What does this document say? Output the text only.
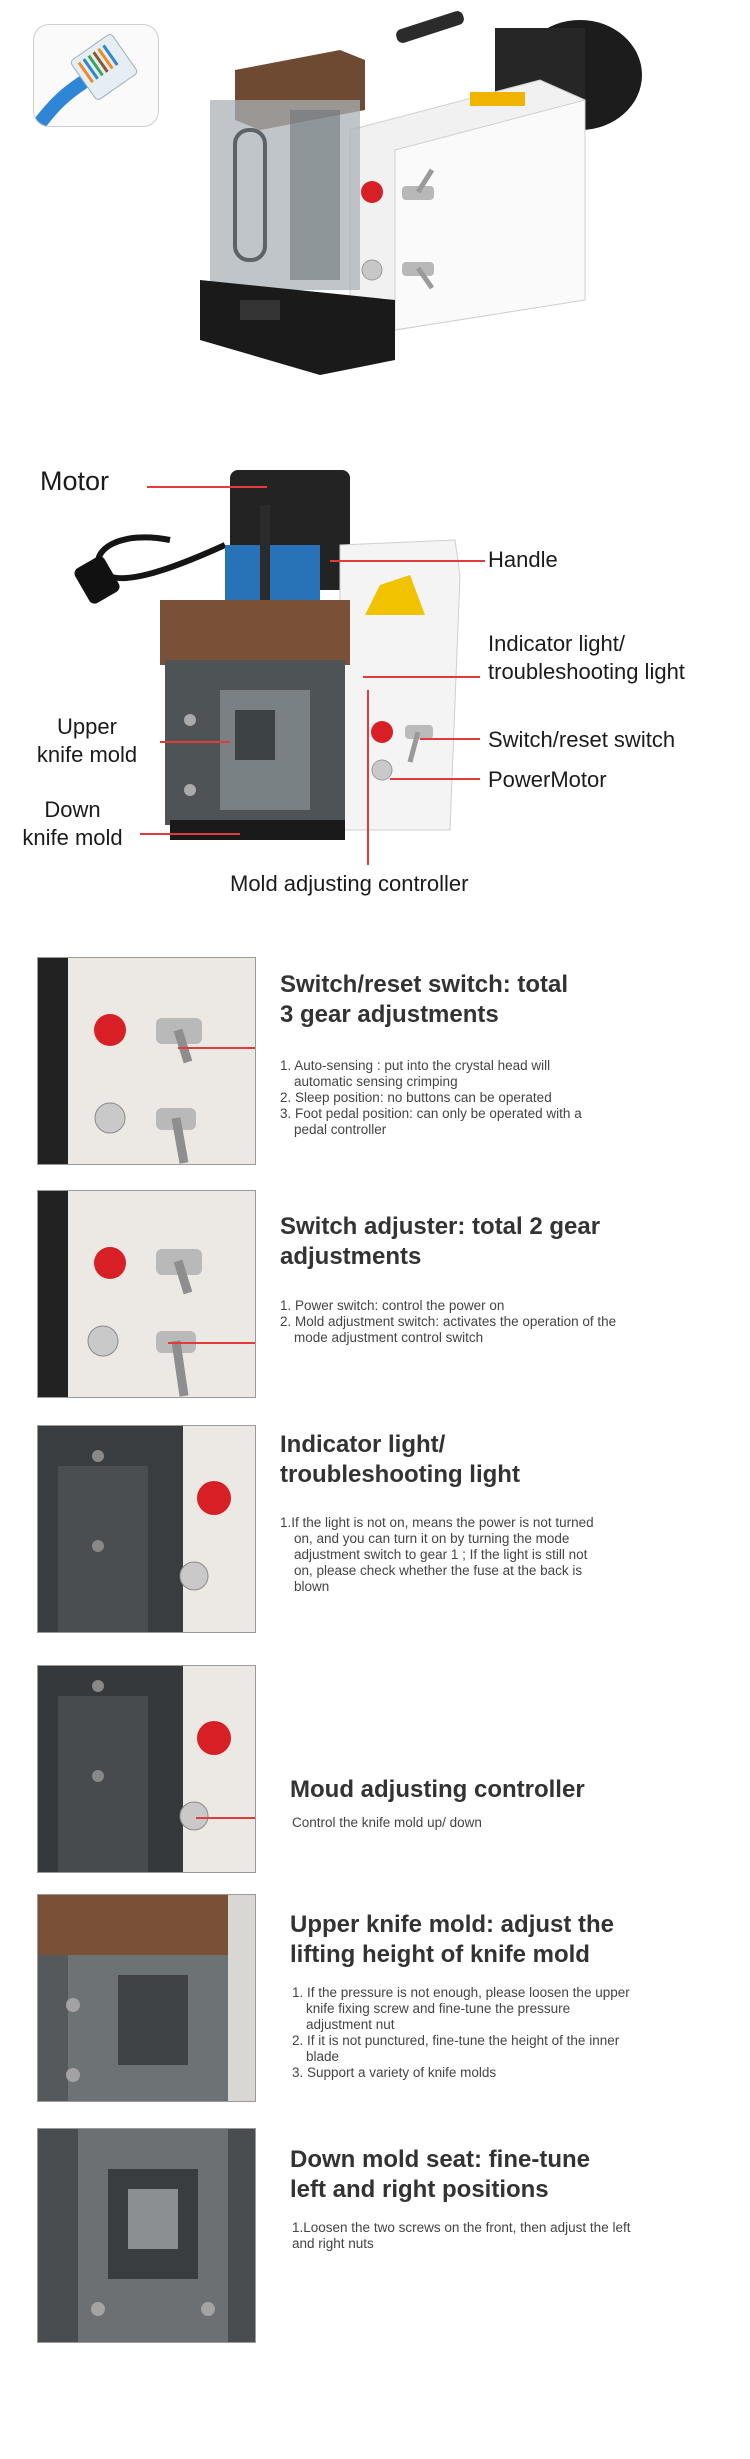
Motor
Handle
Indicator light/
troubleshooting light
Switch/reset switch
PowerMotor
Upper
knife mold
Down
knife mold
Mold adjusting controller
Switch/reset switch: total
3 gear adjustments
1. Auto-sensing : put into the crystal head will automatic sensing crimping
2. Sleep position: no buttons can be operated
3. Foot pedal position: can only be operated with a pedal controller
Switch adjuster: total 2 gear
adjustments
1. Power switch: control the power on
2. Mold adjustment switch: activates the operation of the mode adjustment control switch
Indicator light/
troubleshooting light
1.If the light is not on, means the power is not turned on, and you can turn it on by turning the mode adjustment switch to gear 1 ; If the light is still not on, please check whether the fuse at the back is blown
Moud adjusting controller
Control the knife mold up/ down
Upper knife mold: adjust the
lifting height of knife mold
1. If the pressure is not enough, please loosen the upper knife fixing screw and fine-tune the pressure adjustment nut
2. If it is not punctured, fine-tune the height of the inner blade
3. Support a variety of knife molds
Down mold seat: fine-tune
left and right positions
1.Loosen the two screws on the front, then adjust the left and right nuts
